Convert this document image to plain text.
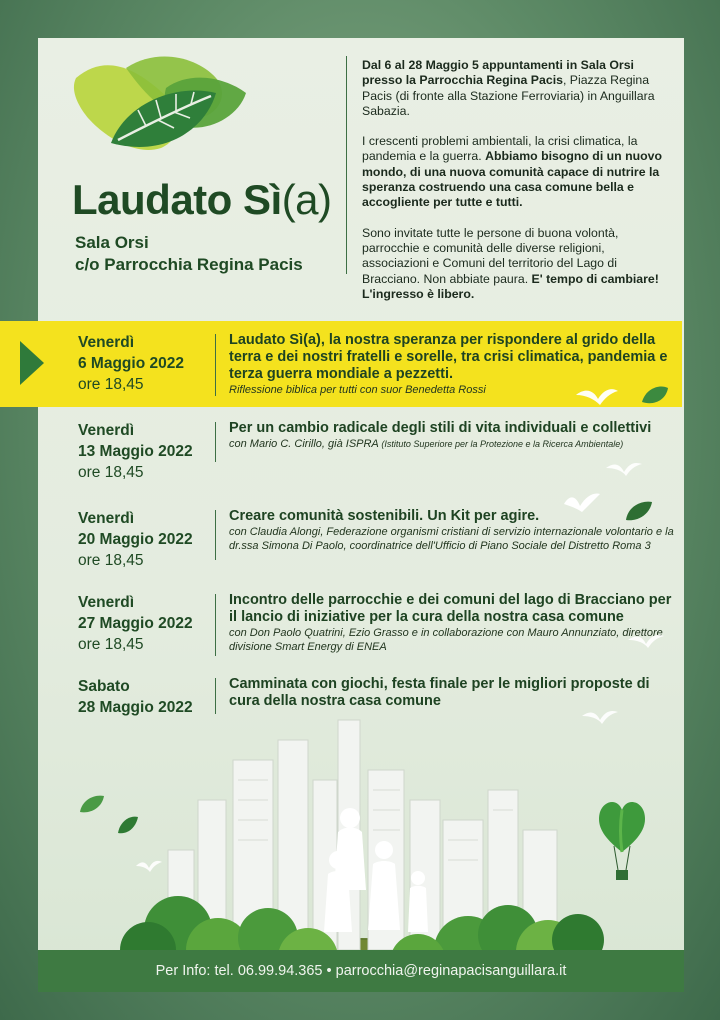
Laudato Sì(a)
Sala Orsi
c/o Parrocchia Regina Pacis

Dal 6 al 28 Maggio 5 appuntamenti in Sala Orsi presso la Parrocchia Regina Pacis, Piazza Regina Pacis (di fronte alla Stazione Ferroviaria) in Anguillara Sabazia.

I crescenti problemi ambientali, la crisi climatica, la pandemia e la guerra. Abbiamo bisogno di un nuovo mondo, di una nuova comunità capace di nutrire la speranza costruendo una casa comune bella e accogliente per tutte e tutti.

Sono invitate tutte le persone di buona volontà, parrocchie e comunità delle diverse religioni, associazioni e Comuni del territorio del Lago di Bracciano. Non abbiate paura. E' tempo di cambiare! L'ingresso è libero.

Venerdì
6 Maggio 2022
ore 18,45
Laudato Sì(a), la nostra speranza per rispondere al grido della terra e dei nostri fratelli e sorelle, tra crisi climatica, pandemia e terza guerra mondiale a pezzetti.
Riflessione biblica per tutti con suor Benedetta Rossi
Venerdì
13 Maggio 2022
ore 18,45
Per un cambio radicale degli stili di vita individuali e collettivi
con Mario C. Cirillo, già ISPRA (Istituto Superiore per la Protezione e la Ricerca Ambientale)
Venerdì
20 Maggio 2022
ore 18,45
Creare comunità sostenibili. Un Kit per agire.
con Claudia Alongi, Federazione organismi cristiani di servizio internazionale volontario e la dr.ssa Simona Di Paolo, coordinatrice dell'Ufficio di Piano Sociale del Distretto Roma 3
Venerdì
27 Maggio 2022
ore 18,45
Incontro delle parrocchie e dei comuni del lago di Bracciano per il lancio di iniziative per la cura della nostra casa comune
con Don Paolo Quatrini, Ezio Grasso e in collaborazione con Mauro Annunziato, direttore divisione Smart Energy di ENEA
Sabato
28 Maggio 2022
Camminata con giochi, festa finale per le migliori proposte di cura della nostra casa comune
Per Info: tel. 06.99.94.365 • parrocchia@reginapacisanguillara.it
